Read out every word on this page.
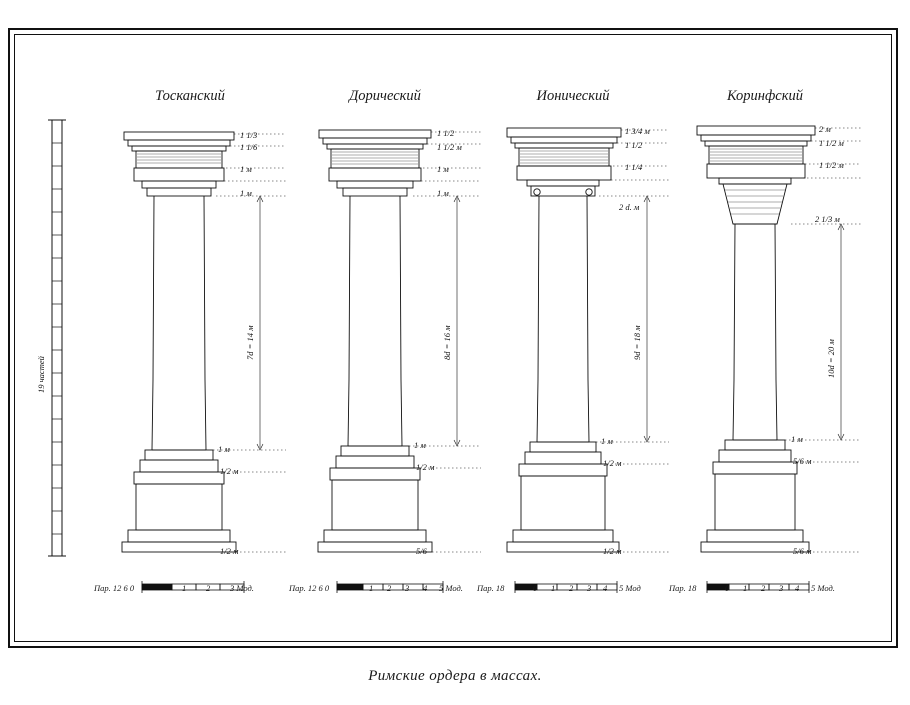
19 частей
Тосканский
1 1/3
1 1/6
1 м
1 м
1 м
1/2 м
1/2 м
7d = 14 м
Пар. 12 6 0	1 2 3 Мод.
Дорический
1 1/2
1 1/2 м
1 м
1 м
1 м
1/2 м
5/6
8d = 16 м
Пар. 12 6 0	1 2 3 4 5 Мод.
Ионический
1 3/4 м
1 1/2
1 1/4
2 d. м
1 м
1/2 м
1/2 м
9d = 18 м
Пар. 18	0 1 2 3 4 5 Мод
Коринфский
2 м
1 1/2 м
1 1/2 м
2 1/3 м
1 м
5/6 м
5/6 м
10d = 20 м
Пар. 18	0 1 2 3 4 5 Мод.
Римские ордера в массах.
